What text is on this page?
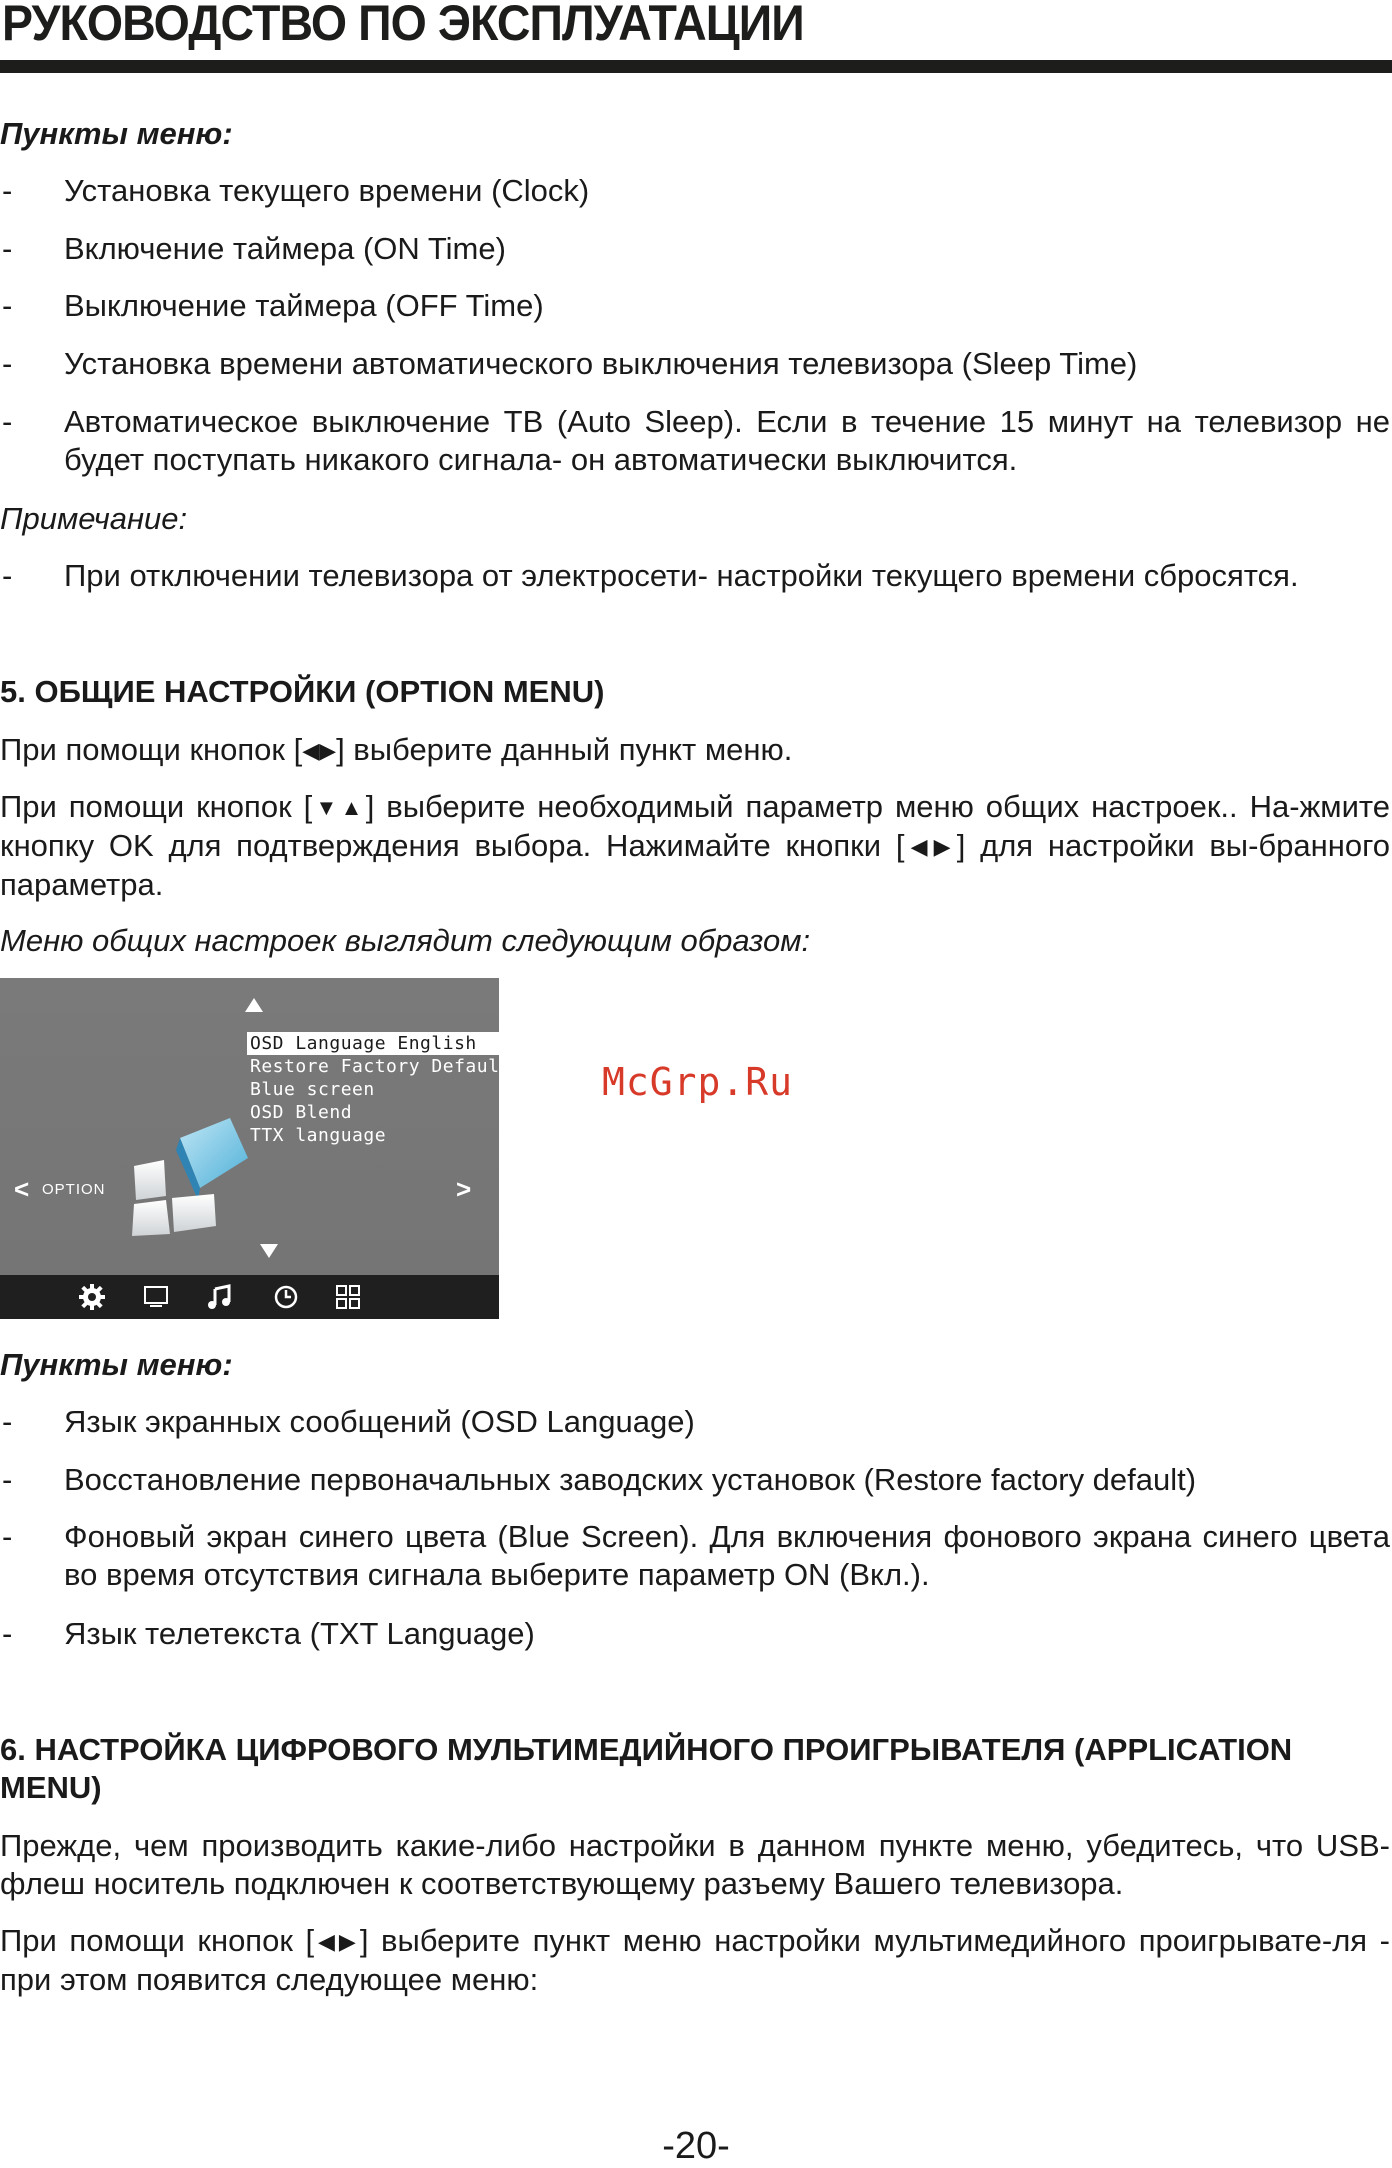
РУКОВОДСТВО ПО ЭКСПЛУАТАЦИИ
Пункты меню:
- Установка текущего времени (Clock)
- Включение таймера (ON Time)
- Выключение таймера (OFF Time)
- Установка времени автоматического выключения телевизора (Sleep Time)
- Автоматическое выключение ТВ (Auto Sleep). Если в течение 15 минут на телевизор не будет поступать никакого сигнала- он автоматически выключится.
Примечание:
- При отключении телевизора от электросети- настройки текущего времени сбросятся.
5. ОБЩИЕ НАСТРОЙКИ (OPTION MENU)
При помощи кнопок [◀▶] выберите данный пункт меню.
При помощи кнопок [▼▲] выберите необходимый параметр меню общих настроек.. На-жмите кнопку OK для подтверждения выбора. Нажимайте кнопки [◀▶] для настройки вы-бранного параметра.
Меню общих настроек выглядит следующим образом:
OSD Language English
Restore Factory Defaul
Blue screen
OSD Blend
TTX language
< OPTION	>
McGrp.Ru
Пункты меню:
- Язык экранных сообщений (OSD Language)
- Восстановление первоначальных заводских установок (Restore factory default)
- Фоновый экран синего цвета (Blue Screen). Для включения фонового экрана синего цвета во время отсутствия сигнала выберите параметр ON (Вкл.).
- Язык телетекста (TXT Language)
6. НАСТРОЙКА ЦИФРОВОГО МУЛЬТИМЕДИЙНОГО ПРОИГРЫВАТЕЛЯ (APPLICATION MENU)
Прежде, чем производить какие-либо настройки в данном пункте меню, убедитесь, что USB-флеш носитель подключен к соответствующему разъему Вашего телевизора.
При помощи кнопок [◀▶] выберите пункт меню настройки мультимедийного проигрывате-ля - при этом появится следующее меню:
-20-
